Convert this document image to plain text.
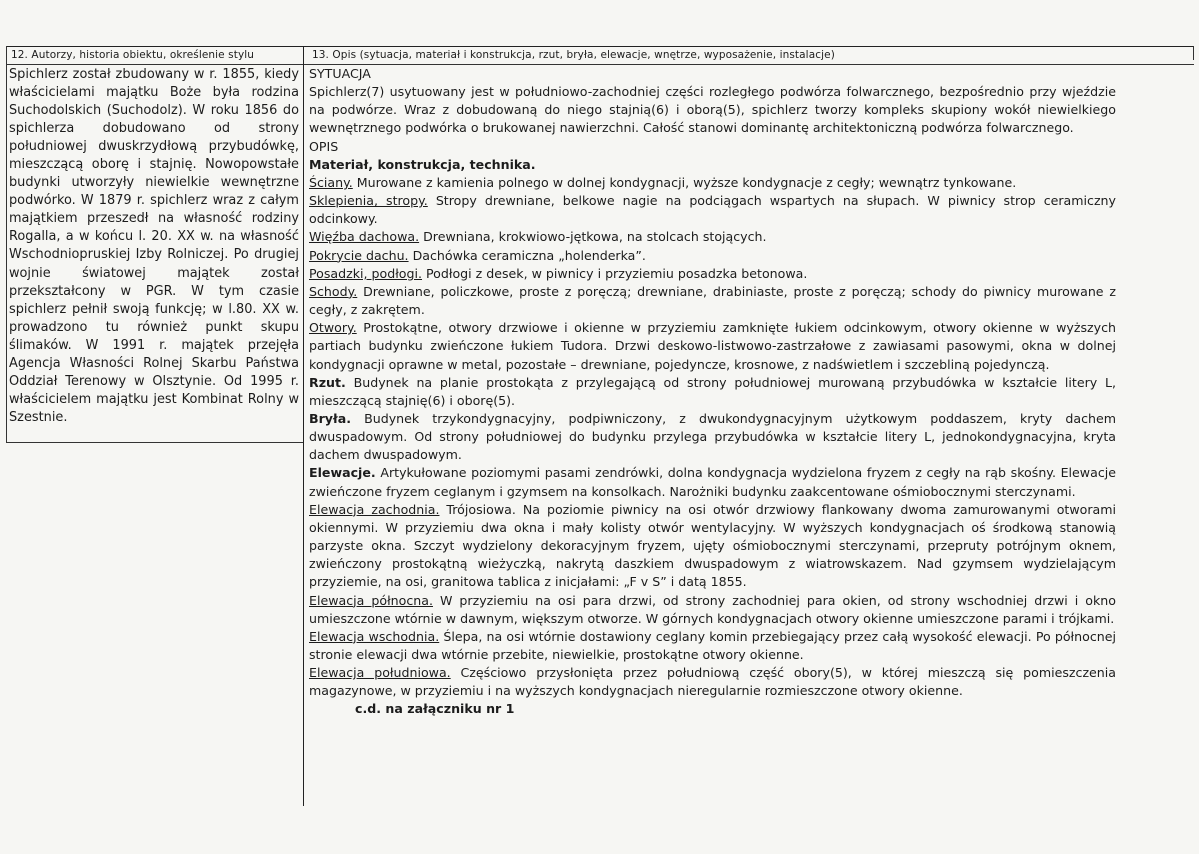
12. Autorzy, historia obiektu, określenie stylu	13. Opis (sytuacja, materiał i konstrukcja, rzut, bryła, elewacje, wnętrze, wyposażenie, instalacje)
Spichlerz został zbudowany w r. 1855, kiedy właścicielami majątku Boże była rodzina Suchodolskich (Suchodolz). W roku 1856 do spichlerza dobudowano od strony południowej dwuskrzydłową przybudówkę, mieszczącą oborę i stajnię. Nowopowstałe budynki utworzyły niewielkie wewnętrzne podwórko. W 1879 r. spichlerz wraz z całym majątkiem przeszedł na własność rodziny Rogalla, a w końcu l. 20. XX w. na własność Wschodniopruskiej Izby Rolniczej. Po drugiej wojnie światowej majątek został przekształcony w PGR. W tym czasie spichlerz pełnił swoją funkcję; w l.80. XX w. prowadzono tu również punkt skupu ślimaków. W 1991 r. majątek przejęła Agencja Własności Rolnej Skarbu Państwa Oddział Terenowy w Olsztynie. Od 1995 r. właścicielem majątku jest Kombinat Rolny w Szestnie.

SYTUACJA

Spichlerz(7) usytuowany jest w południowo-zachodniej części rozległego podwórza folwarcznego, bezpośrednio przy wjeździe na podwórze. Wraz z dobudowaną do niego stajnią(6) i oborą(5), spichlerz tworzy kompleks skupiony wokół niewielkiego wewnętrznego podwórka o brukowanej nawierzchni. Całość stanowi dominantę architektoniczną podwórza folwarcznego.

OPIS

Materiał, konstrukcja, technika.

Ściany. Murowane z kamienia polnego w dolnej kondygnacji, wyższe kondygnacje z cegły; wewnątrz tynkowane.

Sklepienia, stropy. Stropy drewniane, belkowe nagie na podciągach wspartych na słupach. W piwnicy strop ceramiczny odcinkowy.

Więźba dachowa. Drewniana, krokwiowo-jętkowa, na stolcach stojących.

Pokrycie dachu. Dachówka ceramiczna „holenderka”.

Posadzki, podłogi. Podłogi z desek, w piwnicy i przyziemiu posadzka betonowa.

Schody. Drewniane, policzkowe, proste z poręczą; drewniane, drabiniaste, proste z poręczą; schody do piwnicy murowane z cegły, z zakrętem.

Otwory. Prostokątne, otwory drzwiowe i okienne w przyziemiu zamknięte łukiem odcinkowym, otwory okienne w wyższych partiach budynku zwieńczone łukiem Tudora. Drzwi deskowo-listwowo-zastrzałowe z zawiasami pasowymi, okna w dolnej kondygnacji oprawne w metal, pozostałe – drewniane, pojedyncze, krosnowe, z nadświetlem i szczebliną pojedynczą.

Rzut. Budynek na planie prostokąta z przylegającą od strony południowej murowaną przybudówka w kształcie litery L, mieszczącą stajnię(6) i oborę(5).

Bryła. Budynek trzykondygnacyjny, podpiwniczony, z dwukondygnacyjnym użytkowym poddaszem, kryty dachem dwuspadowym. Od strony południowej do budynku przylega przybudówka w kształcie litery L, jednokondygnacyjna, kryta dachem dwuspadowym.

Elewacje. Artykułowane poziomymi pasami zendrówki, dolna kondygnacja wydzielona fryzem z cegły na rąb skośny. Elewacje zwieńczone fryzem ceglanym i gzymsem na konsolkach. Narożniki budynku zaakcentowane ośmiobocznymi sterczynami.

Elewacja zachodnia. Trójosiowa. Na poziomie piwnicy na osi otwór drzwiowy flankowany dwoma zamurowanymi otworami okiennymi. W przyziemiu dwa okna i mały kolisty otwór wentylacyjny. W wyższych kondygnacjach oś środkową stanowią parzyste okna. Szczyt wydzielony dekoracyjnym fryzem, ujęty ośmiobocznymi sterczynami, przepruty potrójnym oknem, zwieńczony prostokątną wieżyczką, nakrytą daszkiem dwuspadowym z wiatrowskazem. Nad gzymsem wydzielającym przyziemie, na osi, granitowa tablica z inicjałami: „F v S” i datą 1855.

Elewacja północna. W przyziemiu na osi para drzwi, od strony zachodniej para okien, od strony wschodniej drzwi i okno umieszczone wtórnie w dawnym, większym otworze. W górnych kondygnacjach otwory okienne umieszczone parami i trójkami.

Elewacja wschodnia. Ślepa, na osi wtórnie dostawiony ceglany komin przebiegający przez całą wysokość elewacji. Po północnej stronie elewacji dwa wtórnie przebite, niewielkie, prostokątne otwory okienne.

Elewacja południowa. Częściowo przysłonięta przez południową część obory(5), w której mieszczą się pomieszczenia magazynowe, w przyziemiu i na wyższych kondygnacjach nieregularnie rozmieszczone otwory okienne.

c.d. na załączniku nr 1
